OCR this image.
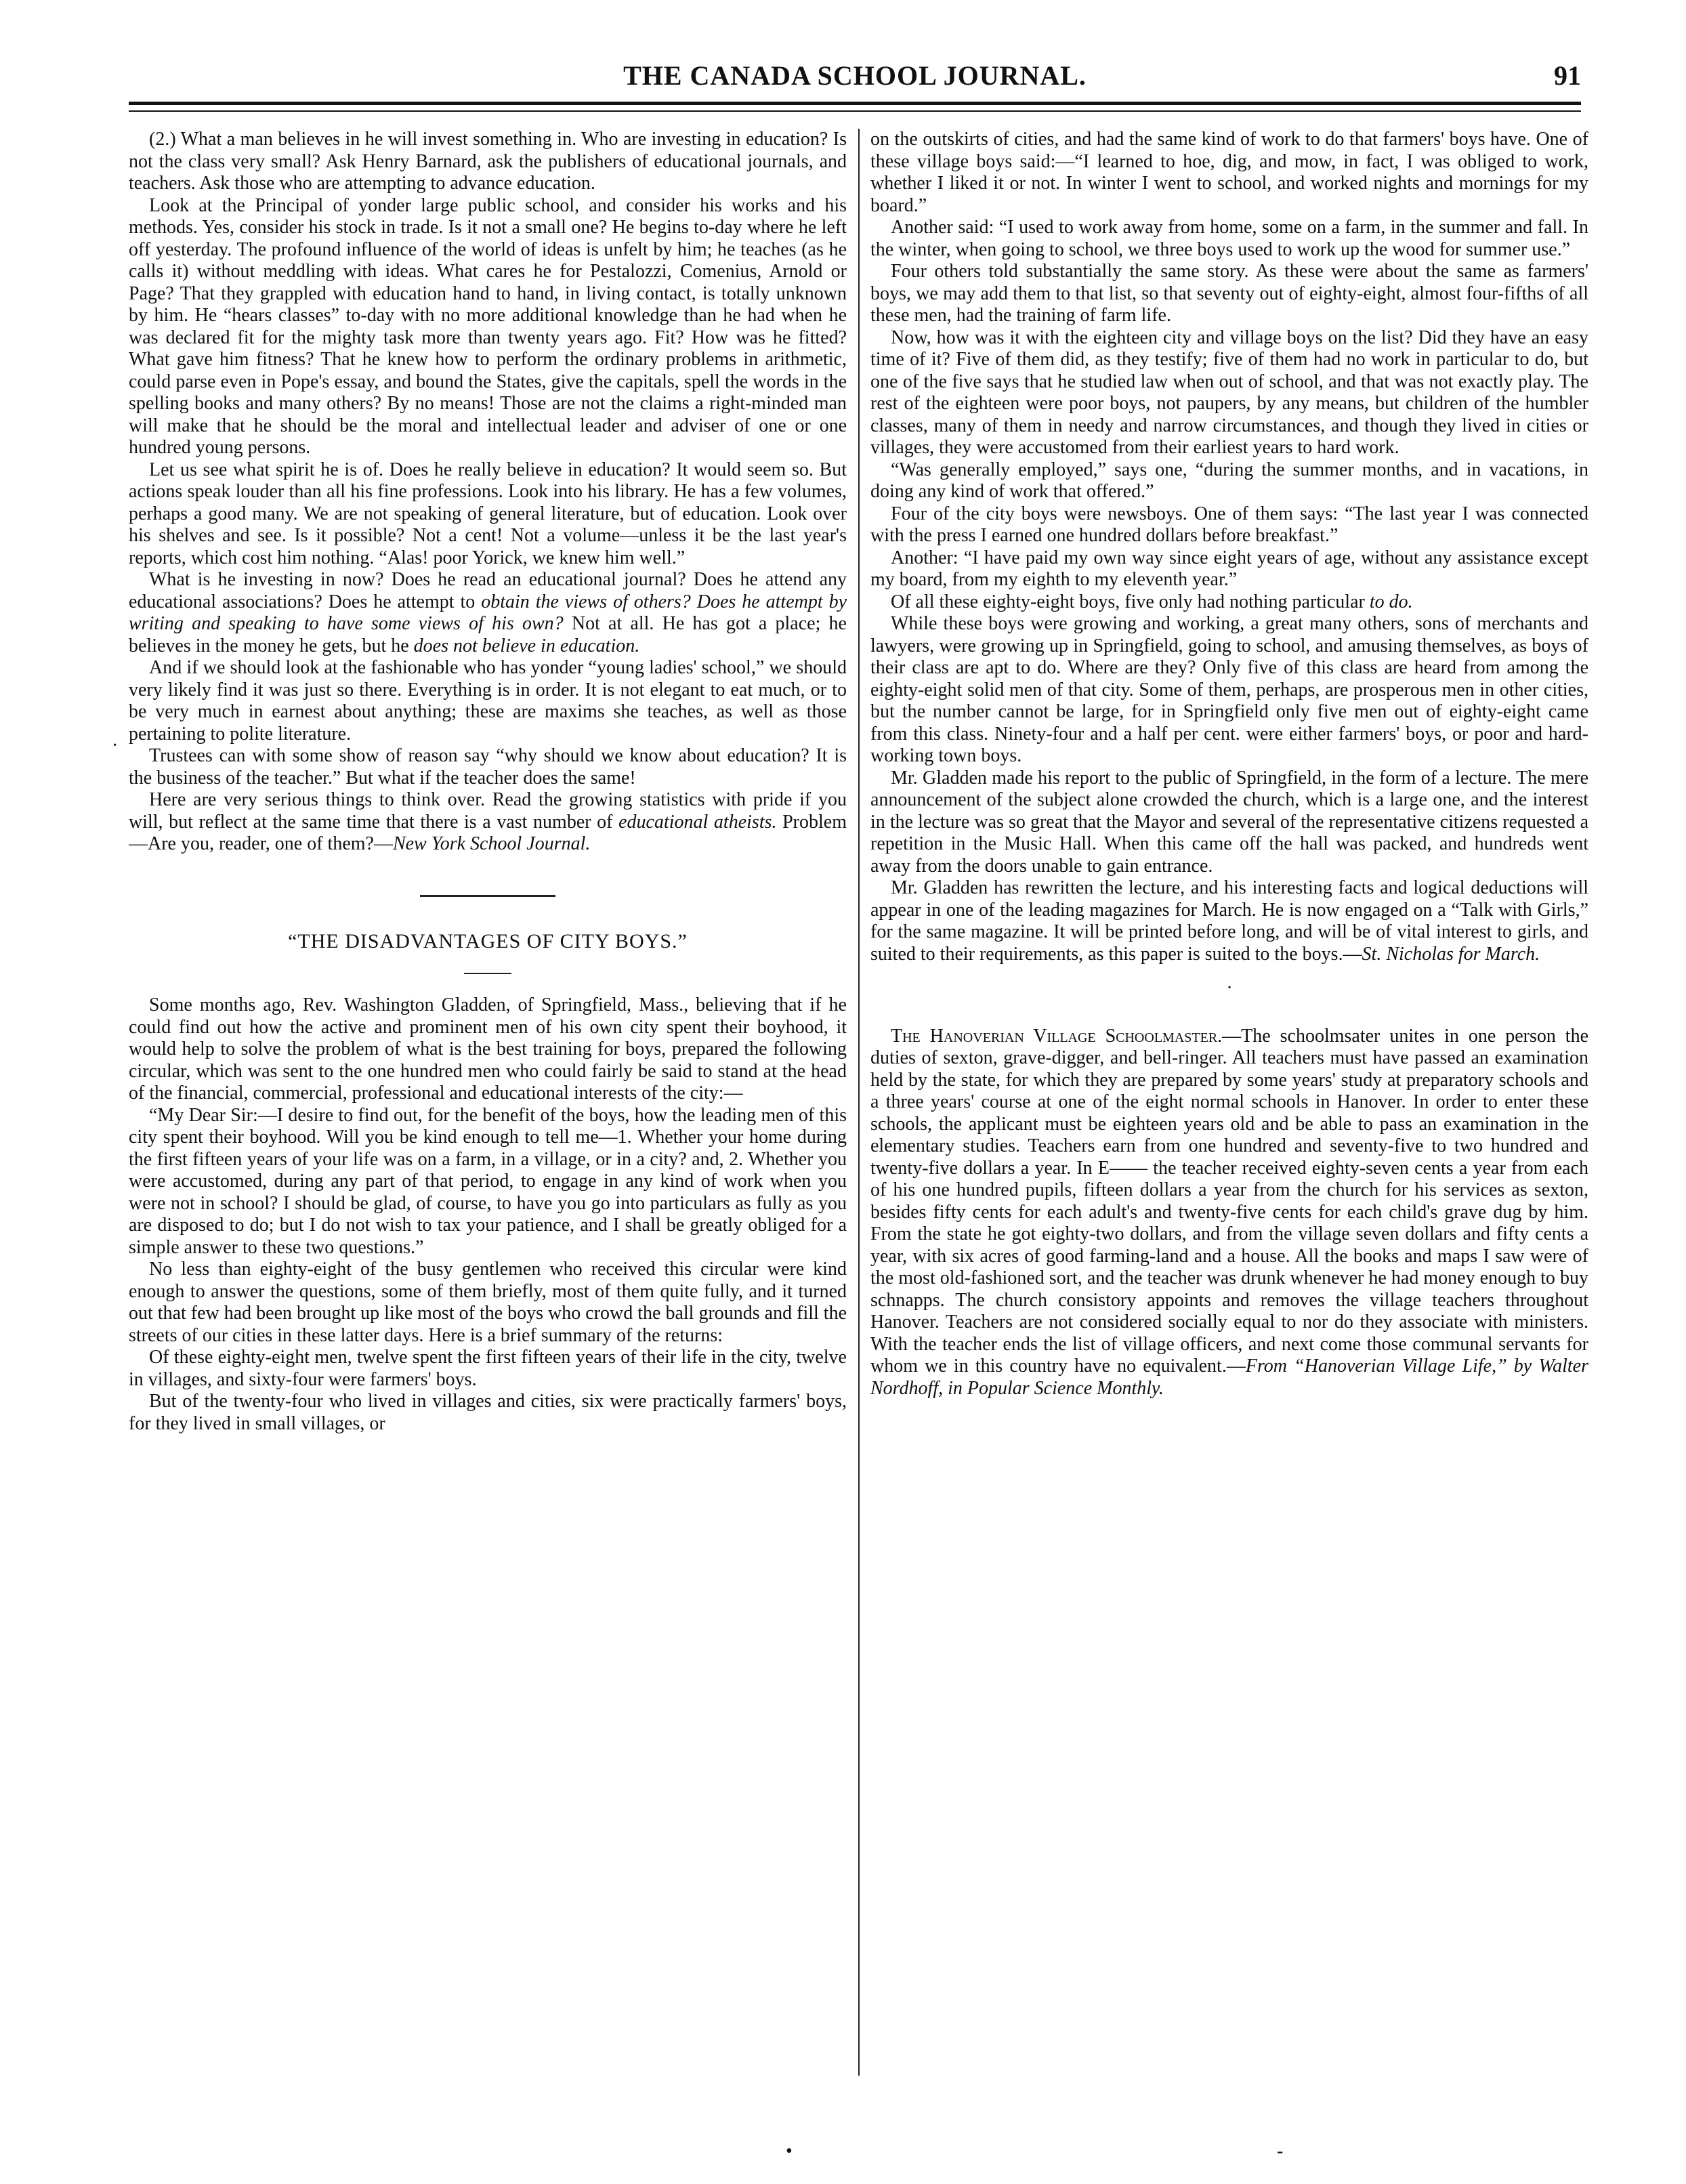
THE CANADA SCHOOL JOURNAL.	91

(2.) What a man believes in he will invest something in. Who are investing in education? Is not the class very small? Ask Henry Barnard, ask the publishers of educational journals, and teachers. Ask those who are attempting to advance education.

Look at the Principal of yonder large public school, and consider his works and his methods. Yes, consider his stock in trade. Is it not a small one? He begins to-day where he left off yesterday. The profound influence of the world of ideas is unfelt by him; he teaches (as he calls it) without meddling with ideas. What cares he for Pestalozzi, Comenius, Arnold or Page? That they grappled with education hand to hand, in living contact, is totally unknown by him. He “hears classes” to-day with no more additional knowledge than he had when he was declared fit for the mighty task more than twenty years ago. Fit? How was he fitted? What gave him fitness? That he knew how to perform the ordinary problems in arithmetic, could parse even in Pope's essay, and bound the States, give the capitals, spell the words in the spelling books and many others? By no means! Those are not the claims a right-minded man will make that he should be the moral and intellectual leader and adviser of one or one hundred young persons.

Let us see what spirit he is of. Does he really believe in education? It would seem so. But actions speak louder than all his fine professions. Look into his library. He has a few volumes, perhaps a good many. We are not speaking of general literature, but of education. Look over his shelves and see. Is it possible? Not a cent! Not a volume—unless it be the last year's reports, which cost him nothing. “Alas! poor Yorick, we knew him well.”

What is he investing in now? Does he read an educational journal? Does he attend any educational associations? Does he attempt to obtain the views of others? Does he attempt by writing and speaking to have some views of his own? Not at all. He has got a place; he believes in the money he gets, but he does not believe in education.

And if we should look at the fashionable who has yonder “young ladies' school,” we should very likely find it was just so there. Everything is in order. It is not elegant to eat much, or to be very much in earnest about anything; these are maxims she teaches, as well as those pertaining to polite literature.

Trustees can with some show of reason say “why should we know about education? It is the business of the teacher.” But what if the teacher does the same!

Here are very serious things to think over. Read the growing statistics with pride if you will, but reflect at the same time that there is a vast number of educational atheists. Problem—Are you, reader, one of them?—New York School Journal.

“THE DISADVANTAGES OF CITY BOYS.”

Some months ago, Rev. Washington Gladden, of Springfield, Mass., believing that if he could find out how the active and prominent men of his own city spent their boyhood, it would help to solve the problem of what is the best training for boys, prepared the following circular, which was sent to the one hundred men who could fairly be said to stand at the head of the financial, commercial, professional and educational interests of the city:—

“My Dear Sir:—I desire to find out, for the benefit of the boys, how the leading men of this city spent their boyhood. Will you be kind enough to tell me—1. Whether your home during the first fifteen years of your life was on a farm, in a village, or in a city? and, 2. Whether you were accustomed, during any part of that period, to engage in any kind of work when you were not in school? I should be glad, of course, to have you go into particulars as fully as you are disposed to do; but I do not wish to tax your patience, and I shall be greatly obliged for a simple answer to these two questions.”

No less than eighty-eight of the busy gentlemen who received this circular were kind enough to answer the questions, some of them briefly, most of them quite fully, and it turned out that few had been brought up like most of the boys who crowd the ball grounds and fill the streets of our cities in these latter days. Here is a brief summary of the returns:

Of these eighty-eight men, twelve spent the first fifteen years of their life in the city, twelve in villages, and sixty-four were farmers' boys.

But of the twenty-four who lived in villages and cities, six were practically farmers' boys, for they lived in small villages, or

on the outskirts of cities, and had the same kind of work to do that farmers' boys have. One of these village boys said:—“I learned to hoe, dig, and mow, in fact, I was obliged to work, whether I liked it or not. In winter I went to school, and worked nights and mornings for my board.”

Another said: “I used to work away from home, some on a farm, in the summer and fall. In the winter, when going to school, we three boys used to work up the wood for summer use.”

Four others told substantially the same story. As these were about the same as farmers' boys, we may add them to that list, so that seventy out of eighty-eight, almost four-fifths of all these men, had the training of farm life.

Now, how was it with the eighteen city and village boys on the list? Did they have an easy time of it? Five of them did, as they testify; five of them had no work in particular to do, but one of the five says that he studied law when out of school, and that was not exactly play. The rest of the eighteen were poor boys, not paupers, by any means, but children of the humbler classes, many of them in needy and narrow circumstances, and though they lived in cities or villages, they were accustomed from their earliest years to hard work.

“Was generally employed,” says one, “during the summer months, and in vacations, in doing any kind of work that offered.”

Four of the city boys were newsboys. One of them says: “The last year I was connected with the press I earned one hundred dollars before breakfast.”

Another: “I have paid my own way since eight years of age, without any assistance except my board, from my eighth to my eleventh year.”

Of all these eighty-eight boys, five only had nothing particular to do.

While these boys were growing and working, a great many others, sons of merchants and lawyers, were growing up in Springfield, going to school, and amusing themselves, as boys of their class are apt to do. Where are they? Only five of this class are heard from among the eighty-eight solid men of that city. Some of them, perhaps, are prosperous men in other cities, but the number cannot be large, for in Springfield only five men out of eighty-eight came from this class. Ninety-four and a half per cent. were either farmers' boys, or poor and hard-working town boys.

Mr. Gladden made his report to the public of Springfield, in the form of a lecture. The mere announcement of the subject alone crowded the church, which is a large one, and the interest in the lecture was so great that the Mayor and several of the representative citizens requested a repetition in the Music Hall. When this came off the hall was packed, and hundreds went away from the doors unable to gain entrance.

Mr. Gladden has rewritten the lecture, and his interesting facts and logical deductions will appear in one of the leading magazines for March. He is now engaged on a “Talk with Girls,” for the same magazine. It will be printed before long, and will be of vital interest to girls, and suited to their requirements, as this paper is suited to the boys.—St. Nicholas for March.

·

The Hanoverian Village Schoolmaster.—The schoolmsater unites in one person the duties of sexton, grave-digger, and bell-ringer. All teachers must have passed an examination held by the state, for which they are prepared by some years' study at preparatory schools and a three years' course at one of the eight normal schools in Hanover. In order to enter these schools, the applicant must be eighteen years old and be able to pass an examination in the elementary studies. Teachers earn from one hundred and seventy-five to two hundred and twenty-five dollars a year. In E—— the teacher received eighty-seven cents a year from each of his one hundred pupils, fifteen dollars a year from the church for his services as sexton, besides fifty cents for each adult's and twenty-five cents for each child's grave dug by him. From the state he got eighty-two dollars, and from the village seven dollars and fifty cents a year, with six acres of good farming-land and a house. All the books and maps I saw were of the most old-fashioned sort, and the teacher was drunk whenever he had money enough to buy schnapps. The church consistory appoints and removes the village teachers throughout Hanover. Teachers are not considered socially equal to nor do they associate with ministers. With the teacher ends the list of village officers, and next come those communal servants for whom we in this country have no equivalent.—From “Hanoverian Village Life,” by Walter Nordhoff, in Popular Science Monthly.

·
•	-
